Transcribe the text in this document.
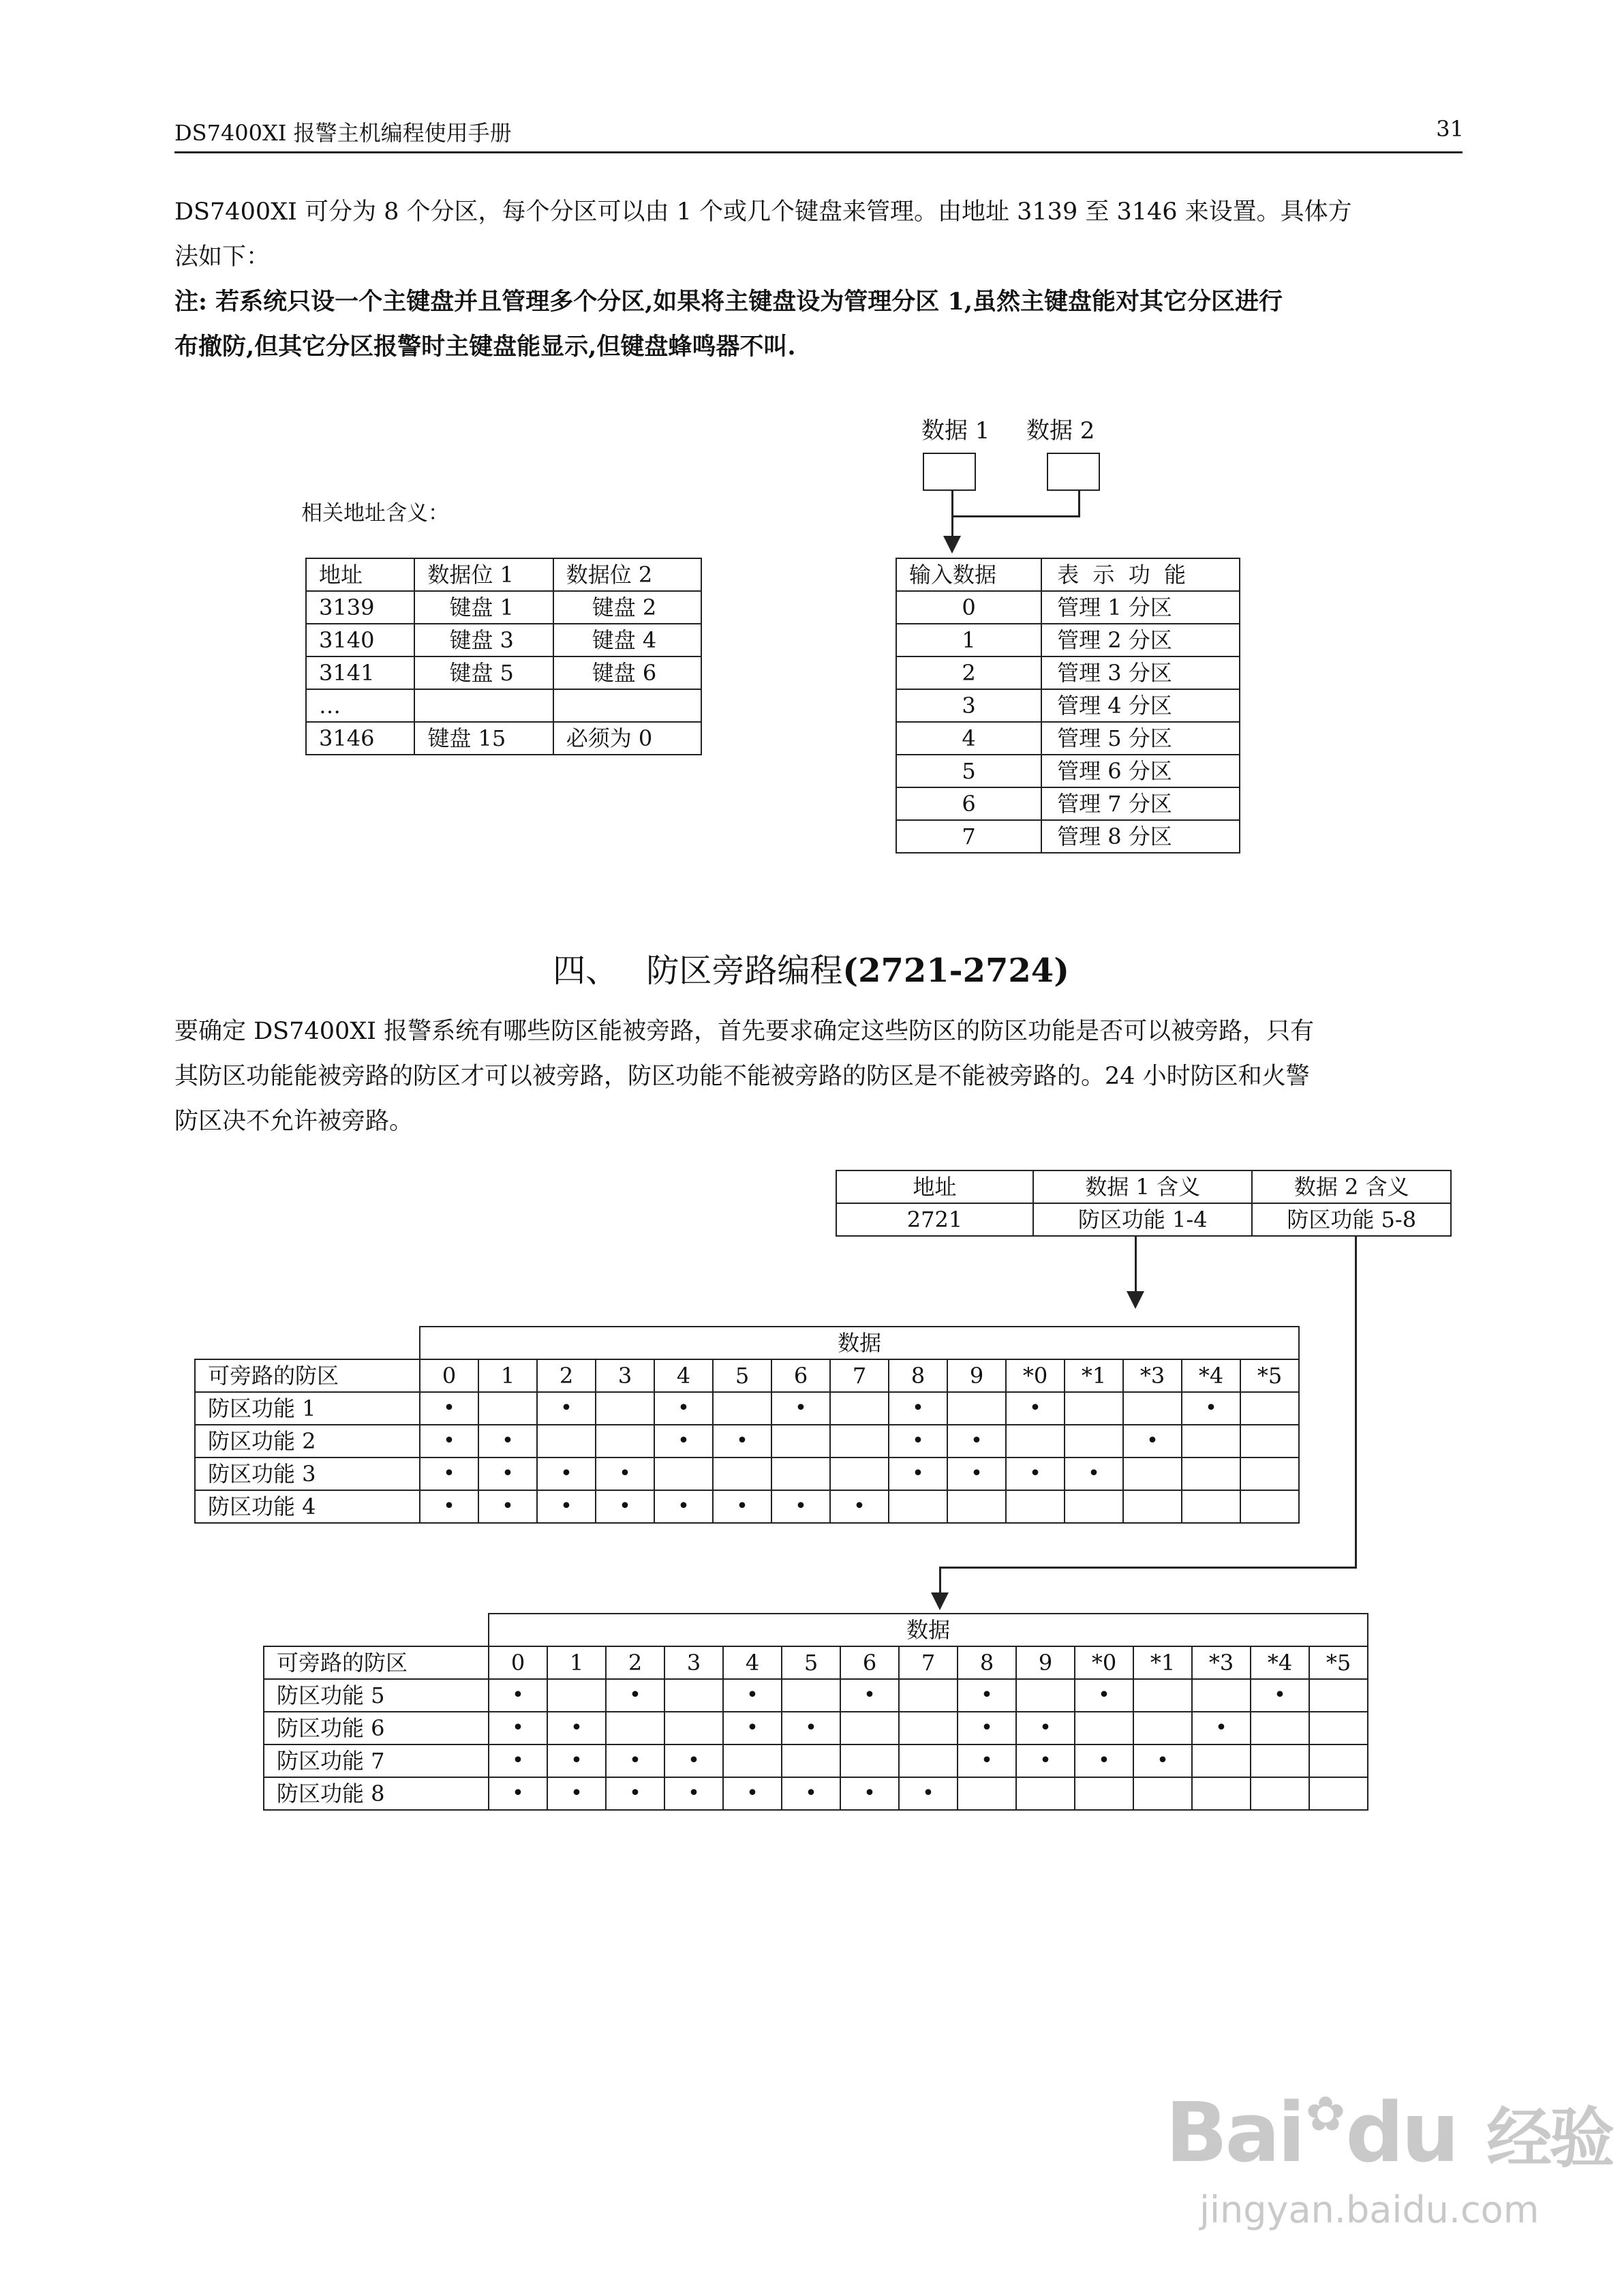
DS7400XI 报警主机编程使用手册	31

DS7400XI 可分为 8 个分区，每个分区可以由 1 个或几个键盘来管理。由地址 3139 至 3146 来设置。具体方

法如下：

注: 若系统只设一个主键盘并且管理多个分区,如果将主键盘设为管理分区 1,虽然主键盘能对其它分区进行

布撤防,但其它分区报警时主键盘能显示,但键盘蜂鸣器不叫.

相关地址含义：
地址	数据位 1	数据位 2
3139	键盘 1	键盘 2
3140	键盘 3	键盘 4
3141	键盘 5	键盘 6
…		
3146	键盘 15	必须为 0
数据 1 数据 2
输入数据	表  示  功  能
0	管理 1 分区
1	管理 2 分区
2	管理 3 分区
3	管理 4 分区
4	管理 5 分区
5	管理 6 分区
6	管理 7 分区
7	管理 8 分区
四、 防区旁路编程(2721-2724)

要确定 DS7400XI 报警系统有哪些防区能被旁路，首先要求确定这些防区的防区功能是否可以被旁路，只有

其防区功能能被旁路的防区才可以被旁路，防区功能不能被旁路的防区是不能被旁路的。24 小时防区和火警

防区决不允许被旁路。

地址	数据 1 含义	数据 2 含义
2721	防区功能 1-4	防区功能 5-8
	数据														
可旁路的防区	0	1	2	3	4	5	6	7	8	9	*0	*1	*3	*4	*5
防区功能 1	•		•		•		•		•		•			•	
防区功能 2	•	•			•	•			•	•			•		
防区功能 3	•	•	•	•					•	•	•	•			
防区功能 4	•	•	•	•	•	•	•	•							
	数据														
可旁路的防区	0	1	2	3	4	5	6	7	8	9	*0	*1	*3	*4	*5
防区功能 5	•		•		•		•		•		•			•	
防区功能 6	•	•			•	•			•	•			•		
防区功能 7	•	•	•	•					•	•	•	•			
防区功能 8	•	•	•	•	•	•	•	•							
Bai✿du 经验
jingyan.baidu.com
